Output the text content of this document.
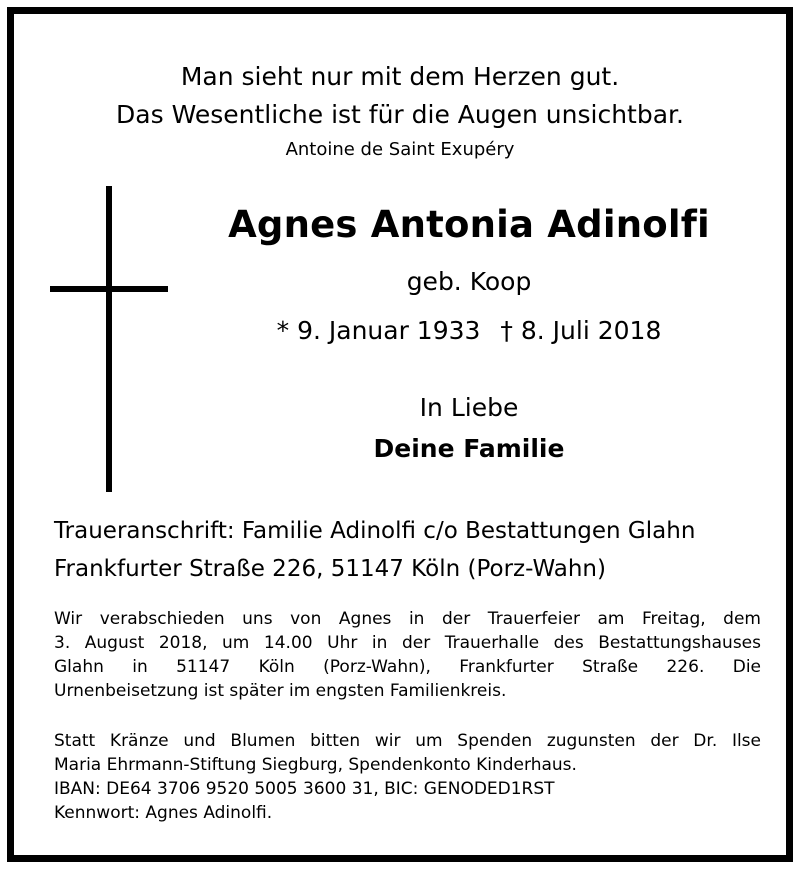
Man sieht nur mit dem Herzen gut.
Das Wesentliche ist für die Augen unsichtbar.
Antoine de Saint Exupéry
Agnes Antonia Adinolfi
geb. Koop
* 9. Januar 1933 † 8. Juli 2018
In Liebe
Deine Familie
Traueranschrift: Familie Adinolfi c/o Bestattungen Glahn
Frankfurter Straße 226, 51147 Köln (Porz-Wahn)
Wir verabschieden uns von Agnes in der Trauerfeier am Freitag, dem
3. August 2018, um 14.00 Uhr in der Trauerhalle des Bestattungshauses
Glahn in 51147 Köln (Porz-Wahn), Frankfurter Straße 226. Die
Urnenbeisetzung ist später im engsten Familienkreis.
Statt Kränze und Blumen bitten wir um Spenden zugunsten der Dr. Ilse
Maria Ehrmann-Stiftung Siegburg, Spendenkonto Kinderhaus.
IBAN: DE64 3706 9520 5005 3600 31, BIC: GENODED1RST
Kennwort: Agnes Adinolfi.
